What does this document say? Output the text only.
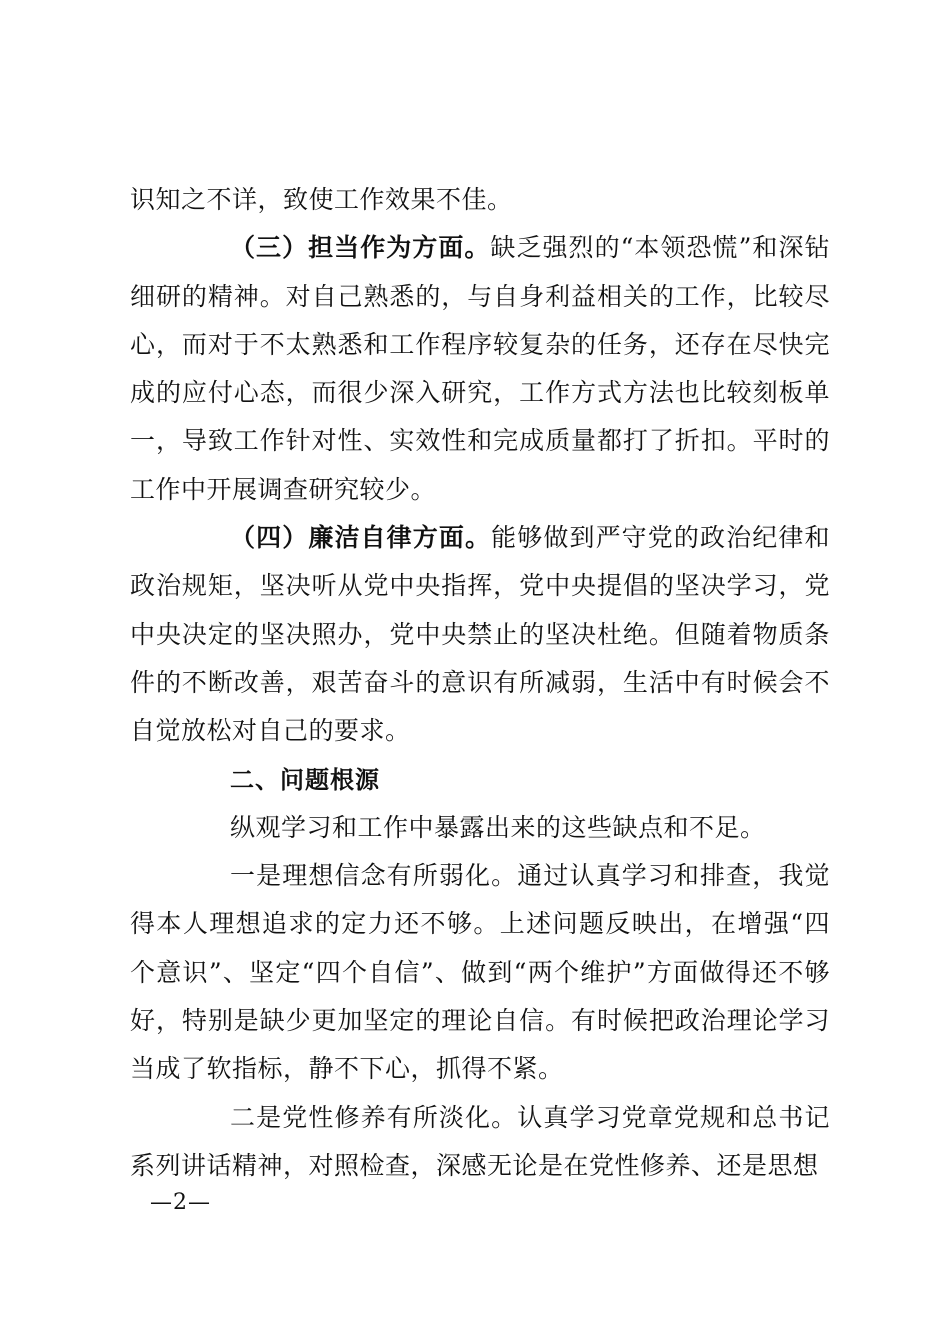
识知之不详，致使工作效果不佳。

（三）担当作为方面。缺乏强烈的“本领恐慌”和深钻细研的精神。对自己熟悉的，与自身利益相关的工作，比较尽心，而对于不太熟悉和工作程序较复杂的任务，还存在尽快完成的应付心态，而很少深入研究，工作方式方法也比较刻板单一，导致工作针对性、实效性和完成质量都打了折扣。平时的工作中开展调查研究较少。

（四）廉洁自律方面。能够做到严守党的政治纪律和政治规矩，坚决听从党中央指挥，党中央提倡的坚决学习，党中央决定的坚决照办，党中央禁止的坚决杜绝。但随着物质条件的不断改善，艰苦奋斗的意识有所减弱，生活中有时候会不自觉放松对自己的要求。

二、问题根源

纵观学习和工作中暴露出来的这些缺点和不足。

一是理想信念有所弱化。通过认真学习和排查，我觉得本人理想追求的定力还不够。上述问题反映出，在增强“四个意识”、坚定“四个自信”、做到“两个维护”方面做得还不够好，特别是缺少更加坚定的理论自信。有时候把政治理论学习当成了软指标，静不下心，抓得不紧。

二是党性修养有所淡化。认真学习党章党规和总书记系列讲话精神，对照检查，深感无论是在党性修养、还是思想

—2—
